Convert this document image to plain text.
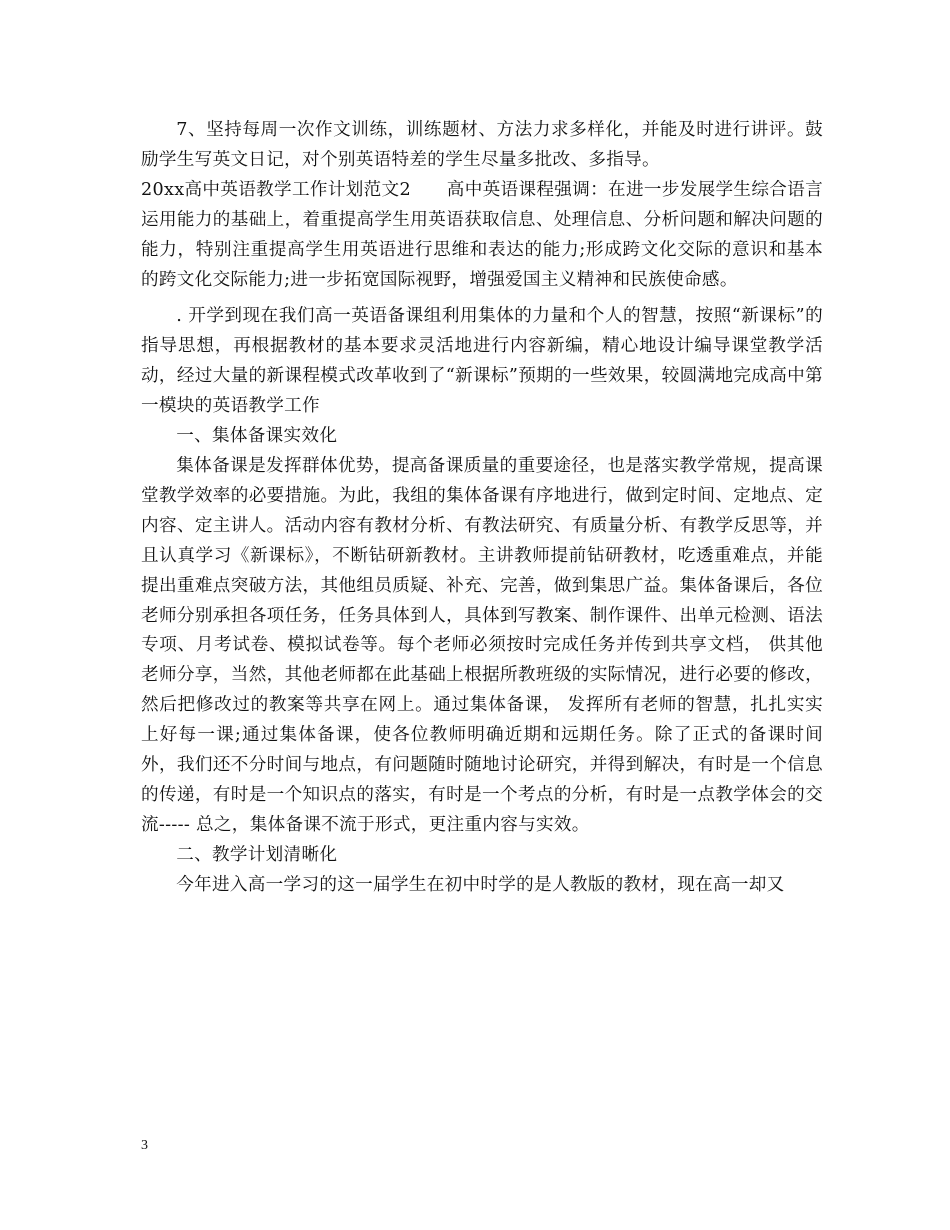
7、坚持每周一次作文训练，训练题材、方法力求多样化，并能及时进行讲评。鼓励学生写英文日记，对个别英语特差的学生尽量多批改、多指导。

20xx高中英语教学工作计划范文2　　高中英语课程强调：在进一步发展学生综合语言运用能力的基础上，着重提高学生用英语获取信息、处理信息、分析问题和解决问题的能力，特别注重提高学生用英语进行思维和表达的能力;形成跨文化交际的意识和基本的跨文化交际能力;进一步拓宽国际视野，增强爱国主义精神和民族使命感。

. 开学到现在我们高一英语备课组利用集体的力量和个人的智慧，按照“新课标”的指导思想，再根据教材的基本要求灵活地进行内容新编，精心地设计编导课堂教学活动，经过大量的新课程模式改革收到了“新课标”预期的一些效果，较圆满地完成高中第一模块的英语教学工作

一、集体备课实效化

集体备课是发挥群体优势，提高备课质量的重要途径，也是落实教学常规，提高课堂教学效率的必要措施。为此，我组的集体备课有序地进行，做到定时间、定地点、定内容、定主讲人。活动内容有教材分析、有教法研究、有质量分析、有教学反思等，并且认真学习《新课标》，不断钻研新教材。主讲教师提前钻研教材，吃透重难点，并能提出重难点突破方法，其他组员质疑、补充、完善，做到集思广益。集体备课后，各位老师分别承担各项任务，任务具体到人，具体到写教案、制作课件、出单元检测、语法专项、月考试卷、模拟试卷等。每个老师必须按时完成任务并传到共享文档， 供其他老师分享，当然，其他老师都在此基础上根据所教班级的实际情况，进行必要的修改，然后把修改过的教案等共享在网上。通过集体备课， 发挥所有老师的智慧，扎扎实实上好每一课;通过集体备课，使各位教师明确近期和远期任务。除了正式的备课时间外，我们还不分时间与地点，有问题随时随地讨论研究，并得到解决，有时是一个信息的传递，有时是一个知识点的落实，有时是一个考点的分析，有时是一点教学体会的交流----- 总之，集体备课不流于形式，更注重内容与实效。

二、教学计划清晰化

今年进入高一学习的这一届学生在初中时学的是人教版的教材，现在高一却又

3
